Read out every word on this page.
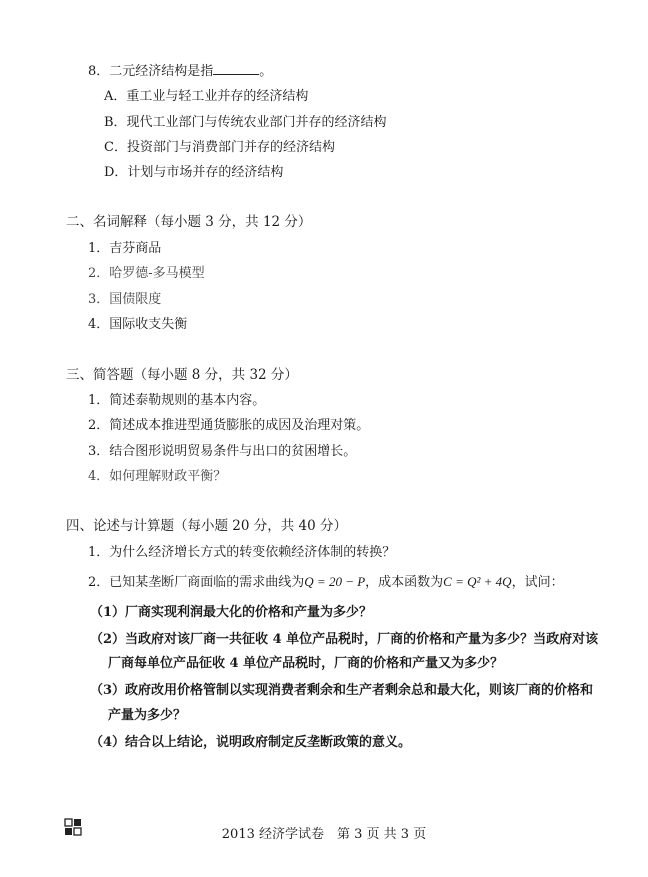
8．二元经济结构是指	。
A．重工业与轻工业并存的经济结构
B．现代工业部门与传统农业部门并存的经济结构
C．投资部门与消费部门并存的经济结构
D．计划与市场并存的经济结构
二、名词解释（每小题 3 分，共 12 分）
1．吉芬商品
2．哈罗德-多马模型
3．国债限度
4．国际收支失衡
三、简答题（每小题 8 分，共 32 分）
1．简述泰勒规则的基本内容。
2．简述成本推进型通货膨胀的成因及治理对策。
3．结合图形说明贸易条件与出口的贫困增长。
4．如何理解财政平衡？
四、论述与计算题（每小题 20 分，共 40 分）
1．为什么经济增长方式的转变依赖经济体制的转换？
2．已知某垄断厂商面临的需求曲线为Q = 20 − P，成本函数为C = Q² + 4Q，试问：
（1）厂商实现利润最大化的价格和产量为多少？
（2）当政府对该厂商一共征收 4 单位产品税时，厂商的价格和产量为多少？当政府对该
厂商每单位产品征收 4 单位产品税时，厂商的价格和产量又为多少？
（3）政府改用价格管制以实现消费者剩余和生产者剩余总和最大化，则该厂商的价格和
产量为多少？
（4）结合以上结论，说明政府制定反垄断政策的意义。
2013 经济学试卷　第 3 页 共 3 页
